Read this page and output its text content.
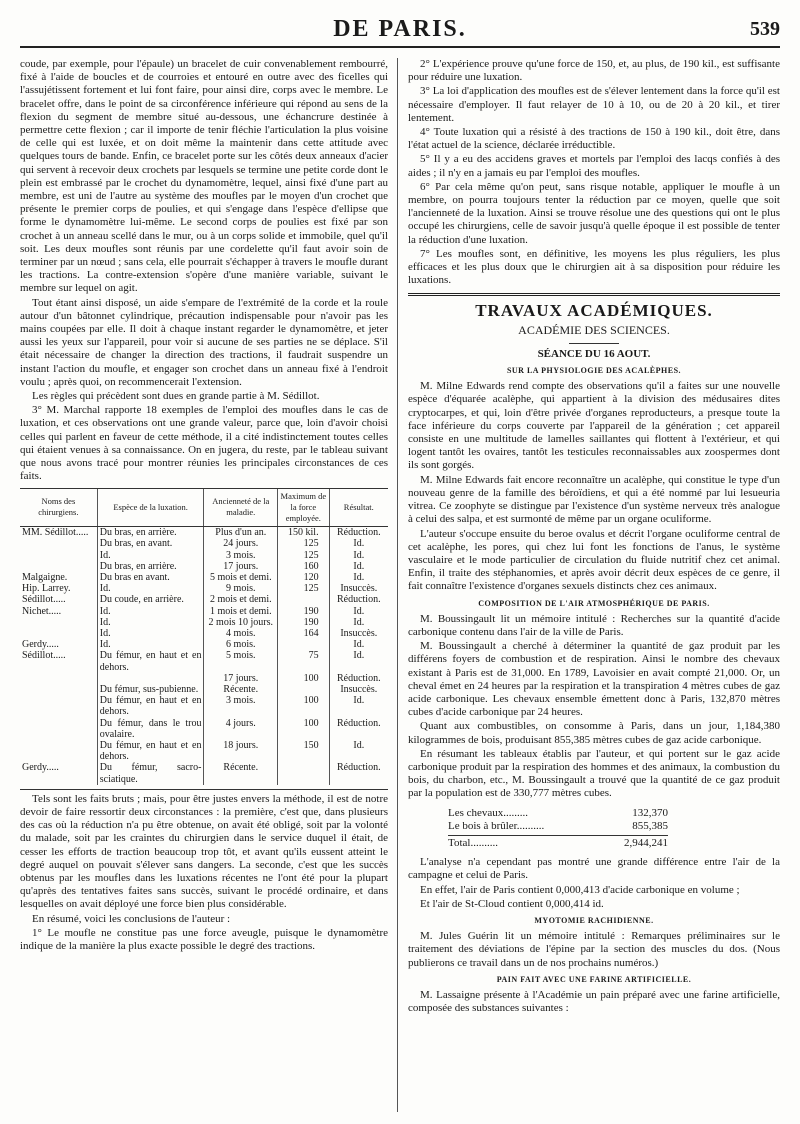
DE PARIS.	539

coude, par exemple, pour l'épaule) un bracelet de cuir convenablement rembourré, fixé à l'aide de boucles et de courroies et entouré en outre avec des ficelles qui l'assujétissent fortement et lui font faire, pour ainsi dire, corps avec le membre. Le bracelet offre, dans le point de sa circonférence inférieure qui répond au sens de la flexion du segment de membre situé au-dessous, une échancrure destinée à permettre cette flexion ; car il importe de tenir fléchie l'articulation la plus voisine de celle qui est luxée, et on doit même la maintenir dans cette attitude avec quelques tours de bande. Enfin, ce bracelet porte sur les côtés deux anneaux d'acier qui servent à recevoir deux crochets par lesquels se termine une petite corde dont le plein est embrassé par le crochet du dynamomètre, lequel, ainsi fixé d'une part au membre, est uni de l'autre au système des moufles par le moyen d'un crochet que présente le premier corps de poulies, et qui s'engage dans l'espèce d'ellipse que forme le dynamomètre lui-même. Le second corps de poulies est fixé par son crochet à un anneau scellé dans le mur, ou à un corps solide et immobile, quel qu'il soit. Les deux moufles sont réunis par une cordelette qu'il faut avoir soin de terminer par un nœud ; sans cela, elle pourrait s'échapper à travers le moufle durant les tractions. La contre-extension s'opère d'une manière variable, suivant le membre sur lequel on agit.

Tout étant ainsi disposé, un aide s'empare de l'extrémité de la corde et la roule autour d'un bâtonnet cylindrique, précaution indispensable pour n'avoir pas les mains coupées par elle. Il doit à chaque instant regarder le dynamomètre, et jeter aussi les yeux sur l'appareil, pour voir si aucune de ses parties ne se déplace. S'il était nécessaire de changer la direction des tractions, il faudrait suspendre un instant l'action du moufle, et engager son crochet dans un anneau fixé à l'endroit voulu ; après quoi, on recommencerait l'extension.

Les règles qui précèdent sont dues en grande partie à M. Sédillot.

3° M. Marchal rapporte 18 exemples de l'emploi des moufles dans le cas de luxation, et ces observations ont une grande valeur, parce que, loin d'avoir choisi celles qui parlent en faveur de cette méthode, il a cité indistinctement toutes celles qui étaient venues à sa connaissance. On en jugera, du reste, par le tableau suivant que nous avons tracé pour montrer réunies les principales circonstances de ces faits.

Noms des chirurgiens.	Espèce de la luxation.	Ancienneté de la maladie.	Maximum de la force employée.	Résultat.
MM. Sédillot.....	Du bras, en arrière.	Plus d'un an.	150 kil.	Réduction.
	Du bras, en avant.	24 jours.	125	Id.
	Id.	3 mois.	125	Id.
	Du bras, en arrière.	17 jours.	160	Id.
Malgaigne.	Du bras en avant.	5 mois et demi.	120	Id.
Hip. Larrey.	Id.	9 mois.	125	Insuccès.
Sédillot.....	Du coude, en arrière.	2 mois et demi.		Réduction.
Nichet.....	Id.	1 mois et demi.	190	Id.
	Id.	2 mois 10 jours.	190	Id.
	Id.	4 mois.	164	Insuccès.
Gerdy.....	Id.	6 mois.		Id.
Sédillot.....	Du fémur, en haut et en dehors.	5 mois.	75	Id.
		17 jours.	100	Réduction.
	Du fémur, sus-pubienne.	Récente.		Insuccès.
	Du fémur, en haut et en dehors.	3 mois.	100	Id.
	Du fémur, dans le trou ovalaire.	4 jours.	100	Réduction.
	Du fémur, en haut et en dehors.	18 jours.	150	Id.
Gerdy.....	Du fémur, sacro-sciatique.	Récente.		Réduction.

Tels sont les faits bruts ; mais, pour être justes envers la méthode, il est de notre devoir de faire ressortir deux circonstances : la première, c'est que, dans plusieurs des cas où la réduction n'a pu être obtenue, on avait été obligé, soit par la volonté du malade, soit par les craintes du chirurgien dans le service duquel il était, de cesser les efforts de traction beaucoup trop tôt, et avant qu'ils eussent atteint le degré auquel on pouvait s'élever sans dangers. La seconde, c'est que les succès obtenus par les moufles dans les luxations récentes ne l'ont été pour la plupart qu'après des tentatives faites sans succès, suivant le procédé ordinaire, et dans lesquelles on avait déployé une force bien plus considérable.

En résumé, voici les conclusions de l'auteur :

1° Le moufle ne constitue pas une force aveugle, puisque le dynamomètre indique de la manière la plus exacte possible le degré des tractions.

2° L'expérience prouve qu'une force de 150, et, au plus, de 190 kil., est suffisante pour réduire une luxation.

3° La loi d'application des moufles est de s'élever lentement dans la force qu'il est nécessaire d'employer. Il faut relayer de 10 à 10, ou de 20 à 20 kil., et tirer lentement.

4° Toute luxation qui a résisté à des tractions de 150 à 190 kil., doit être, dans l'état actuel de la science, déclarée irréductible.

5° Il y a eu des accidens graves et mortels par l'emploi des lacqs confiés à des aides ; il n'y en a jamais eu par l'emploi des moufles.

6° Par cela même qu'on peut, sans risque notable, appliquer le moufle à un membre, on pourra toujours tenter la réduction par ce moyen, quelle que soit l'ancienneté de la luxation. Ainsi se trouve résolue une des questions qui ont le plus occupé les chirurgiens, celle de savoir jusqu'à quelle époque il est possible de tenter la réduction d'une luxation.

7° Les moufles sont, en définitive, les moyens les plus réguliers, les plus efficaces et les plus doux que le chirurgien ait à sa disposition pour réduire les luxations.

TRAVAUX ACADÉMIQUES.
ACADÉMIE DES SCIENCES.
SÉANCE DU 16 AOUT.
SUR LA PHYSIOLOGIE DES ACALÈPHES.

M. Milne Edwards rend compte des observations qu'il a faites sur une nouvelle espèce d'équarée acalèphe, qui appartient à la division des médusaires dites cryptocarpes, et qui, loin d'être privée d'organes reproducteurs, a presque toute la face inférieure du corps couverte par l'appareil de la génération ; cet appareil consiste en une multitude de lamelles saillantes qui flottent à l'extérieur, et qui logent tantôt les ovaires, tantôt les testicules reconnaissables aux zoospermes dont ils sont gorgés.

M. Milne Edwards fait encore reconnaître un acalèphe, qui constitue le type d'un nouveau genre de la famille des béroïdiens, et qui a été nommé par lui lesueuria vitrea. Ce zoophyte se distingue par l'existence d'un système nerveux très analogue à celui des salpa, et est surmonté de même par un organe oculiforme.

L'auteur s'occupe ensuite du beroe ovalus et décrit l'organe oculiforme central de cet acalèphe, les pores, qui chez lui font les fonctions de l'anus, le système vasculaire et le mode particulier de circulation du fluide nutritif chez cet animal. Enfin, il traite des stéphanomies, et après avoir décrit deux espèces de ce genre, il fait connaître l'existence d'organes sexuels distincts chez ces animaux.

COMPOSITION DE L'AIR ATMOSPHÉRIQUE DE PARIS.

M. Boussingault lit un mémoire intitulé : Recherches sur la quantité d'acide carbonique contenu dans l'air de la ville de Paris.

M. Boussingault a cherché à déterminer la quantité de gaz produit par les différens foyers de combustion et de respiration. Ainsi le nombre des chevaux existant à Paris est de 31,000. En 1789, Lavoisier en avait compté 21,000. Or, un cheval émet en 24 heures par la respiration et la transpiration 4 mètres cubes de gaz acide carbonique. Les chevaux ensemble émettent donc à Paris, 132,870 mètres cubes d'acide carbonique par 24 heures.

Quant aux combustibles, on consomme à Paris, dans un jour, 1,184,380 kilogrammes de bois, produisant 855,385 mètres cubes de gaz acide carbonique.

En résumant les tableaux établis par l'auteur, et qui portent sur le gaz acide carbonique produit par la respiration des hommes et des animaux, la combustion du bois, du charbon, etc., M. Boussingault a trouvé que la quantité de ce gaz produit par la population est de 330,777 mètres cubes.

Les chevaux.........	132,370
Le bois à brûler..........	855,385
Total..........	2,944,241

L'analyse n'a cependant pas montré une grande différence entre l'air de la campagne et celui de Paris.

En effet, l'air de Paris contient 0,000,413 d'acide carbonique en volume ;

Et l'air de St-Cloud contient 0,000,414 id.

MYOTOMIE RACHIDIENNE.

M. Jules Guérin lit un mémoire intitulé : Remarques préliminaires sur le traitement des déviations de l'épine par la section des muscles du dos. (Nous publierons ce travail dans un de nos prochains numéros.)

PAIN FAIT AVEC UNE FARINE ARTIFICIELLE.

M. Lassaigne présente à l'Académie un pain préparé avec une farine artificielle, composée des substances suivantes :
